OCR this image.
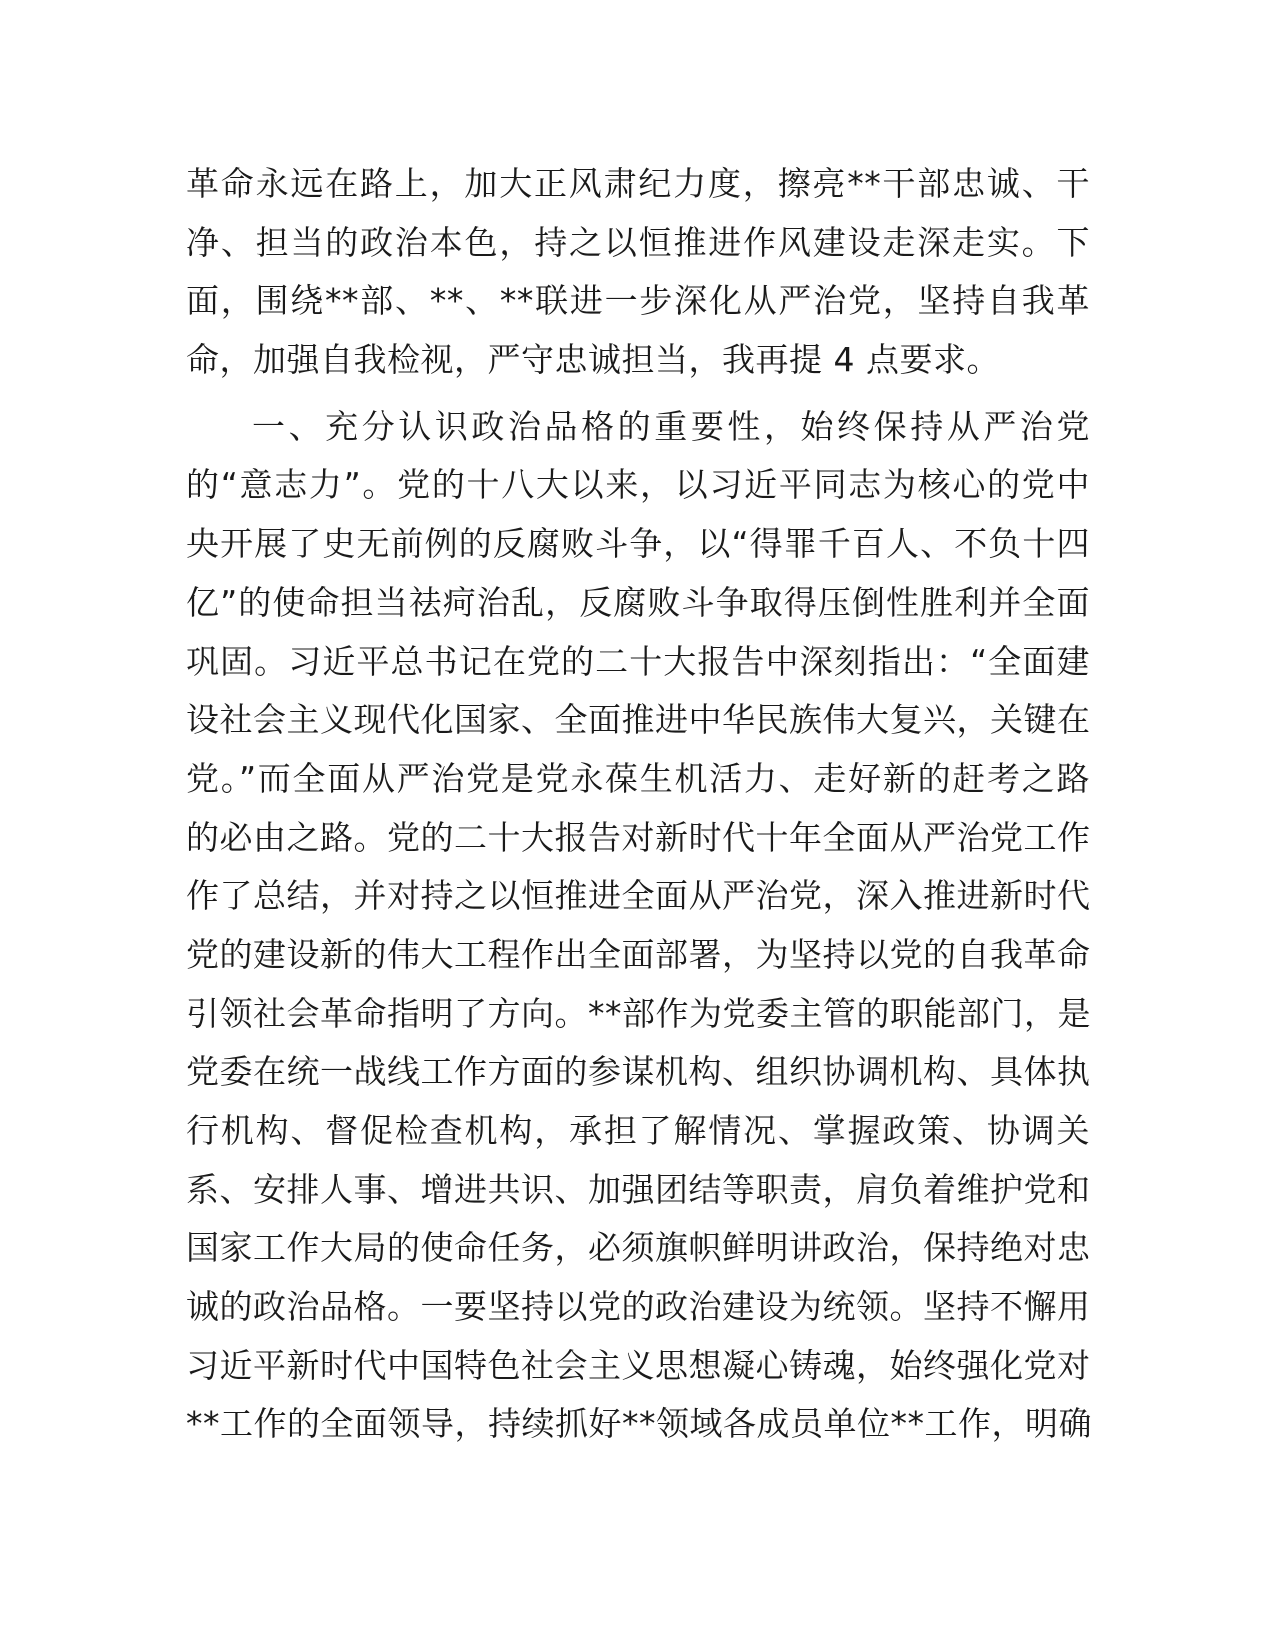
革命永远在路上，加大正风肃纪力度，擦亮**干部忠诚、干
净、担当的政治本色，持之以恒推进作风建设走深走实。下
面，围绕**部、**、**联进一步深化从严治党，坚持自我革
命，加强自我检视，严守忠诚担当，我再提 4 点要求。
一、充分认识政治品格的重要性，始终保持从严治党
的“意志力”。党的十八大以来，以习近平同志为核心的党中
央开展了史无前例的反腐败斗争，以“得罪千百人、不负十四
亿”的使命担当祛疴治乱，反腐败斗争取得压倒性胜利并全面
巩固。习近平总书记在党的二十大报告中深刻指出：“全面建
设社会主义现代化国家、全面推进中华民族伟大复兴，关键在
党。”而全面从严治党是党永葆生机活力、走好新的赶考之路
的必由之路。党的二十大报告对新时代十年全面从严治党工作
作了总结，并对持之以恒推进全面从严治党，深入推进新时代
党的建设新的伟大工程作出全面部署，为坚持以党的自我革命
引领社会革命指明了方向。**部作为党委主管的职能部门，是
党委在统一战线工作方面的参谋机构、组织协调机构、具体执
行机构、督促检查机构，承担了解情况、掌握政策、协调关
系、安排人事、增进共识、加强团结等职责，肩负着维护党和
国家工作大局的使命任务，必须旗帜鲜明讲政治，保持绝对忠
诚的政治品格。一要坚持以党的政治建设为统领。坚持不懈用
习近平新时代中国特色社会主义思想凝心铸魂，始终强化党对
**工作的全面领导，持续抓好**领域各成员单位**工作，明确
